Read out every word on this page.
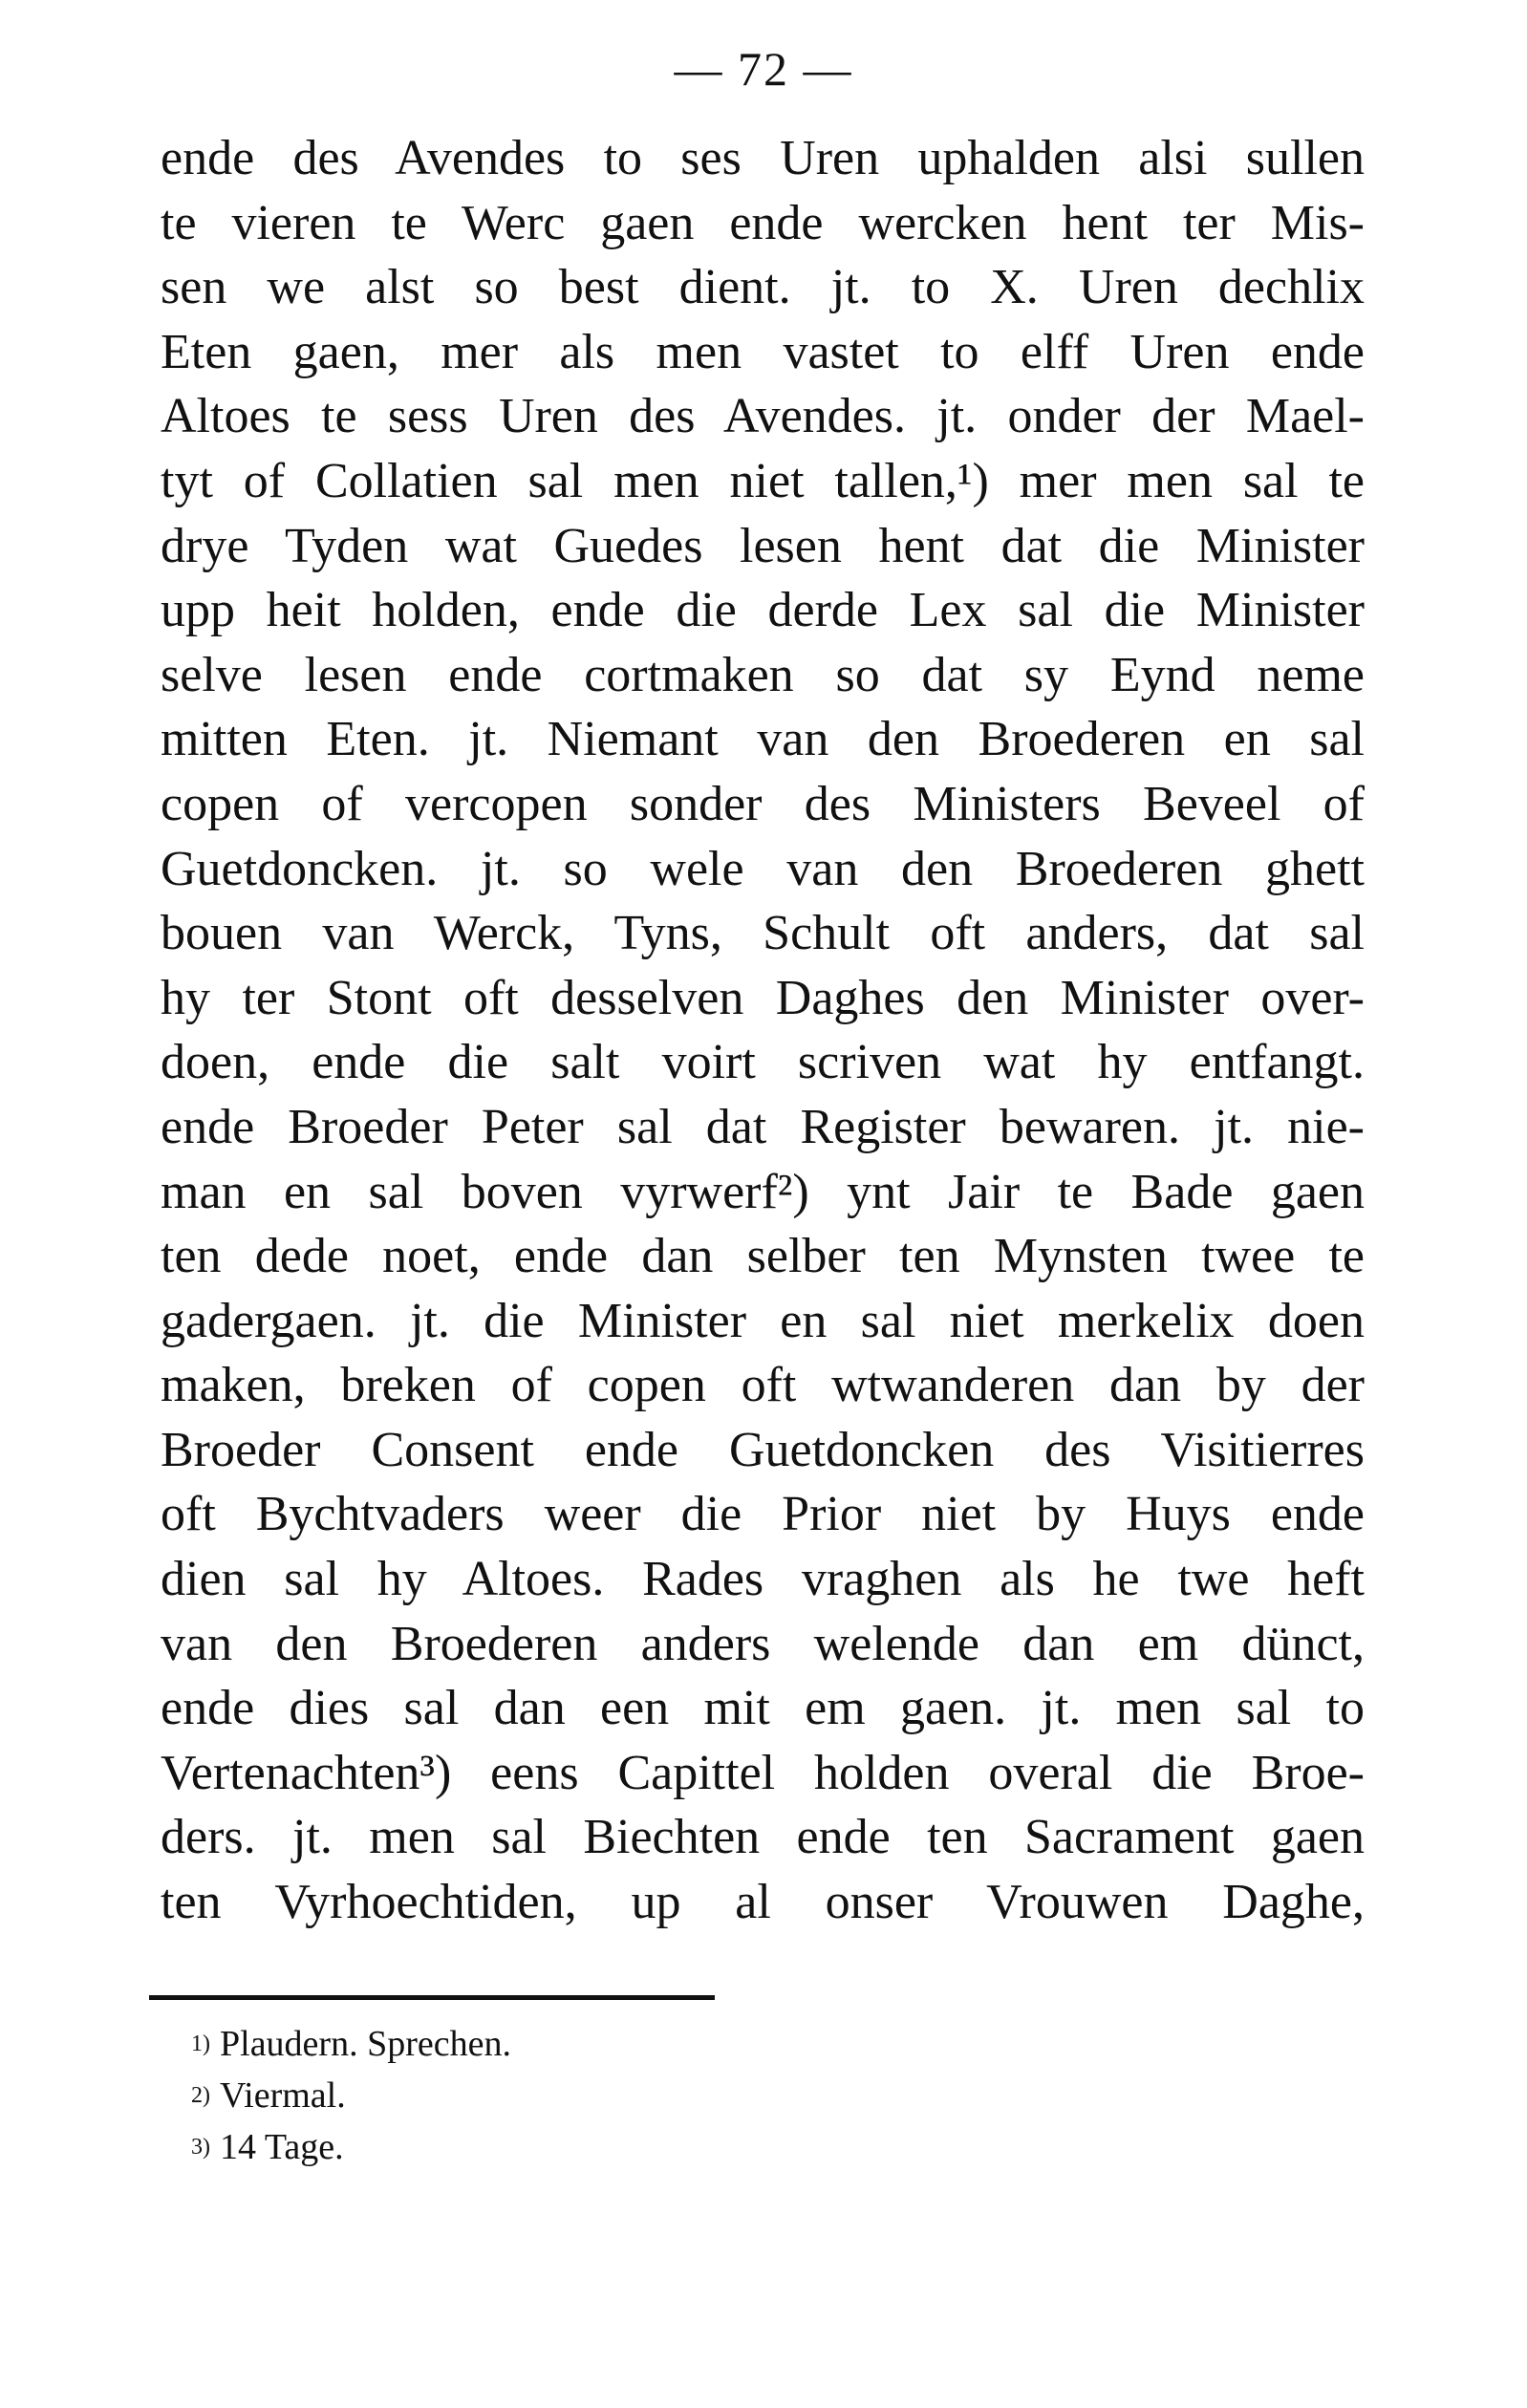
— 72 —
ende des Avendes to ses Uren uphalden alsi sullen
te vieren te Werc gaen ende wercken hent ter Mis-
sen we alst so best dient. jt. to X. Uren dechlix
Eten gaen, mer als men vastet to elff Uren ende
Altoes te sess Uren des Avendes. jt. onder der Mael-
tyt of Collatien sal men niet tallen,¹) mer men sal te
drye Tyden wat Guedes lesen hent dat die Minister
upp heit holden, ende die derde Lex sal die Minister
selve lesen ende cortmaken so dat sy Eynd neme
mitten Eten. jt. Niemant van den Broederen en sal
copen of vercopen sonder des Ministers Beveel of
Guetdoncken. jt. so wele van den Broederen ghett
bouen van Werck, Tyns, Schult oft anders, dat sal
hy ter Stont oft desselven Daghes den Minister over-
doen, ende die salt voirt scriven wat hy entfangt.
ende Broeder Peter sal dat Register bewaren. jt. nie-
man en sal boven vyrwerf²) ynt Jair te Bade gaen
ten dede noet, ende dan selber ten Mynsten twee te
gadergaen. jt. die Minister en sal niet merkelix doen
maken, breken of copen oft wtwanderen dan by der
Broeder Consent ende Guetdoncken des Visitierres
oft Bychtvaders weer die Prior niet by Huys ende
dien sal hy Altoes. Rades vraghen als he twe heft
van den Broederen anders welende dan em dünct,
ende dies sal dan een mit em gaen. jt. men sal to
Vertenachten³) eens Capittel holden overal die Broe-
ders. jt. men sal Biechten ende ten Sacrament gaen
ten Vyrhoechtiden, up al onser Vrouwen Daghe,
1) Plaudern. Sprechen.
2) Viermal.
3) 14 Tage.
